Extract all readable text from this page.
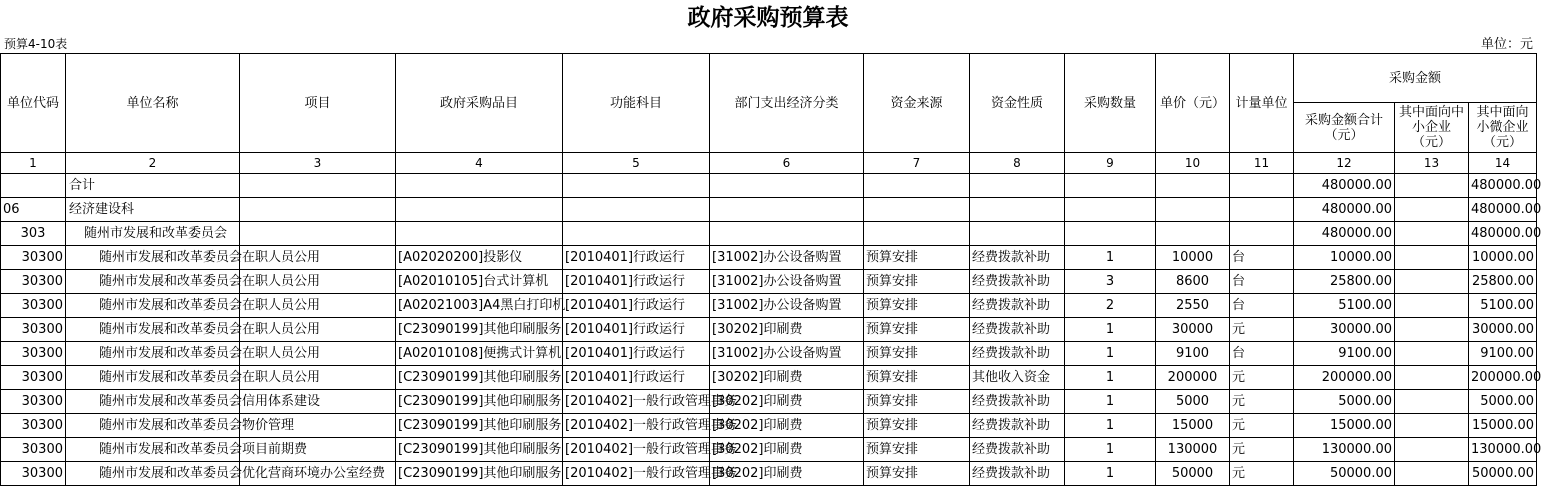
政府采购预算表
预算4-10表	单位：元
单位代码	单位名称	项目	政府采购品目	功能科目	部门支出经济分类	资金来源	资金性质	采购数量	单价（元）	计量单位	采购金额		
											采购金额合计（元）	其中面向中小企业（元）	其中面向小微企业（元）
1	2	3	4	5	6	7	8	9	10	11	12	13	14
	合计										480000.00		480000.00
06	经济建设科										480000.00		480000.00
303	随州市发展和改革委员会										480000.00		480000.00
30300	随州市发展和改革委员会	在职人员公用	[A02020200]投影仪	[2010401]行政运行	[31002]办公设备购置	预算安排	经费拨款补助	1	10000	台	10000.00		10000.00
30300	随州市发展和改革委员会	在职人员公用	[A02010105]台式计算机	[2010401]行政运行	[31002]办公设备购置	预算安排	经费拨款补助	3	8600	台	25800.00		25800.00
30300	随州市发展和改革委员会	在职人员公用	[A02021003]A4黑白打印机	[2010401]行政运行	[31002]办公设备购置	预算安排	经费拨款补助	2	2550	台	5100.00		5100.00
30300	随州市发展和改革委员会	在职人员公用	[C23090199]其他印刷服务	[2010401]行政运行	[30202]印刷费	预算安排	经费拨款补助	1	30000	元	30000.00		30000.00
30300	随州市发展和改革委员会	在职人员公用	[A02010108]便携式计算机	[2010401]行政运行	[31002]办公设备购置	预算安排	经费拨款补助	1	9100	台	9100.00		9100.00
30300	随州市发展和改革委员会	在职人员公用	[C23090199]其他印刷服务	[2010401]行政运行	[30202]印刷费	预算安排	其他收入资金	1	200000	元	200000.00		200000.00
30300	随州市发展和改革委员会	信用体系建设	[C23090199]其他印刷服务	[2010402]一般行政管理事务	[30202]印刷费	预算安排	经费拨款补助	1	5000	元	5000.00		5000.00
30300	随州市发展和改革委员会	物价管理	[C23090199]其他印刷服务	[2010402]一般行政管理事务	[30202]印刷费	预算安排	经费拨款补助	1	15000	元	15000.00		15000.00
30300	随州市发展和改革委员会	项目前期费	[C23090199]其他印刷服务	[2010402]一般行政管理事务	[30202]印刷费	预算安排	经费拨款补助	1	130000	元	130000.00		130000.00
30300	随州市发展和改革委员会	优化营商环境办公室经费	[C23090199]其他印刷服务	[2010402]一般行政管理事务	[30202]印刷费	预算安排	经费拨款补助	1	50000	元	50000.00		50000.00
